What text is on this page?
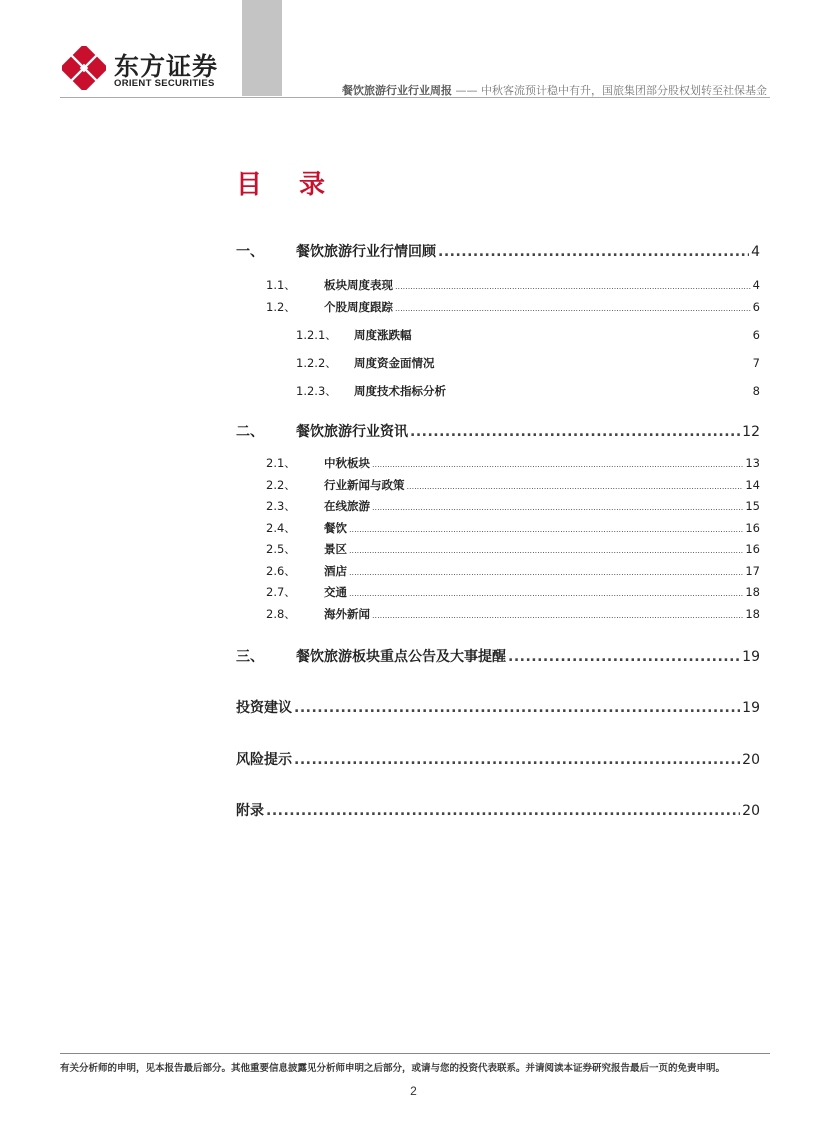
东方证券
ORIENT SECURITIES
餐饮旅游行业行业周报 —— 中秋客流预计稳中有升，国旅集团部分股权划转至社保基金
目 录
一、	餐饮旅游行业行情回顾 .....	4
1.1、	板块周度表现 .....	4
1.2、	个股周度跟踪 .....	6
1.2.1、	周度涨跌幅	6
1.2.2、	周度资金面情况	7
1.2.3、	周度技术指标分析	8
二、	餐饮旅游行业资讯 .....	12
2.1、	中秋板块 .....	13
2.2、	行业新闻与政策 .....	14
2.3、	在线旅游 .....	15
2.4、	餐饮 .....	16
2.5、	景区 .....	16
2.6、	酒店 .....	17
2.7、	交通 .....	18
2.8、	海外新闻 .....	18
三、	餐饮旅游板块重点公告及大事提醒 .....	19
投资建议 .....	19
风险提示 .....	20
附录 .....	20
有关分析师的申明，见本报告最后部分。其他重要信息披露见分析师申明之后部分，或请与您的投资代表联系。并请阅读本证券研究报告最后一页的免责申明。
2
